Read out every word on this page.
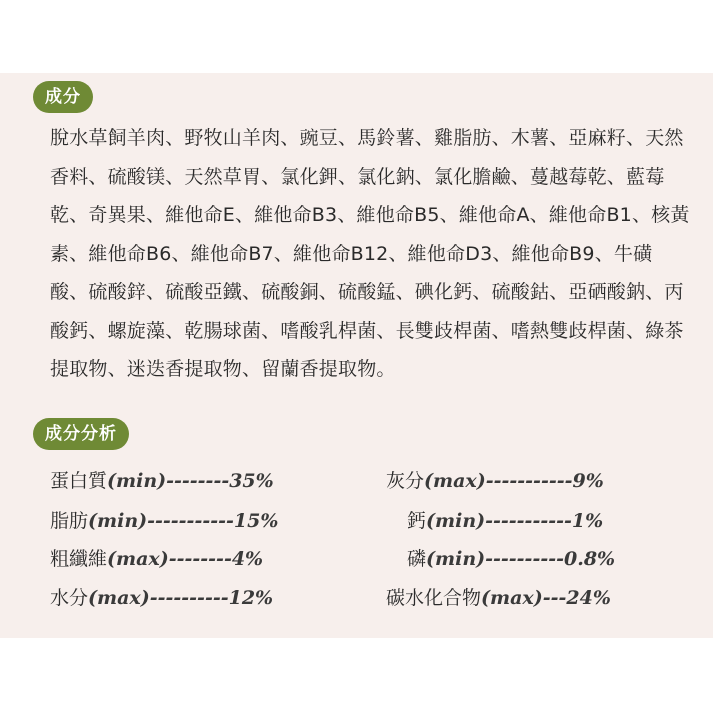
成分
脫水草飼羊肉、野牧山羊肉、豌豆、馬鈴薯、雞脂肪、木薯、亞麻籽、天然香料、硫酸镁、天然草胃、氯化鉀、氯化鈉、氯化膽鹼、蔓越莓乾、藍莓乾、奇異果、維他命E、維他命B3、維他命B5、維他命A、維他命B1、核黃素、維他命B6、維他命B7、維他命B12、維他命D3、維他命B9、牛磺酸、硫酸鋅、硫酸亞鐵、硫酸銅、硫酸錳、碘化鈣、硫酸鈷、亞硒酸鈉、丙酸鈣、螺旋藻、乾腸球菌、嗜酸乳桿菌、長雙歧桿菌、嗜熱雙歧桿菌、綠茶提取物、迷迭香提取物、留蘭香提取物。
成分分析
蛋白質(min)--------35%
脂肪(min)-----------15%
粗纖維(max)--------4%
水分(max)----------12%
灰分(max)-----------9%
鈣(min)-----------1%
磷(min)----------0.8%
碳水化合物(max)---24%
